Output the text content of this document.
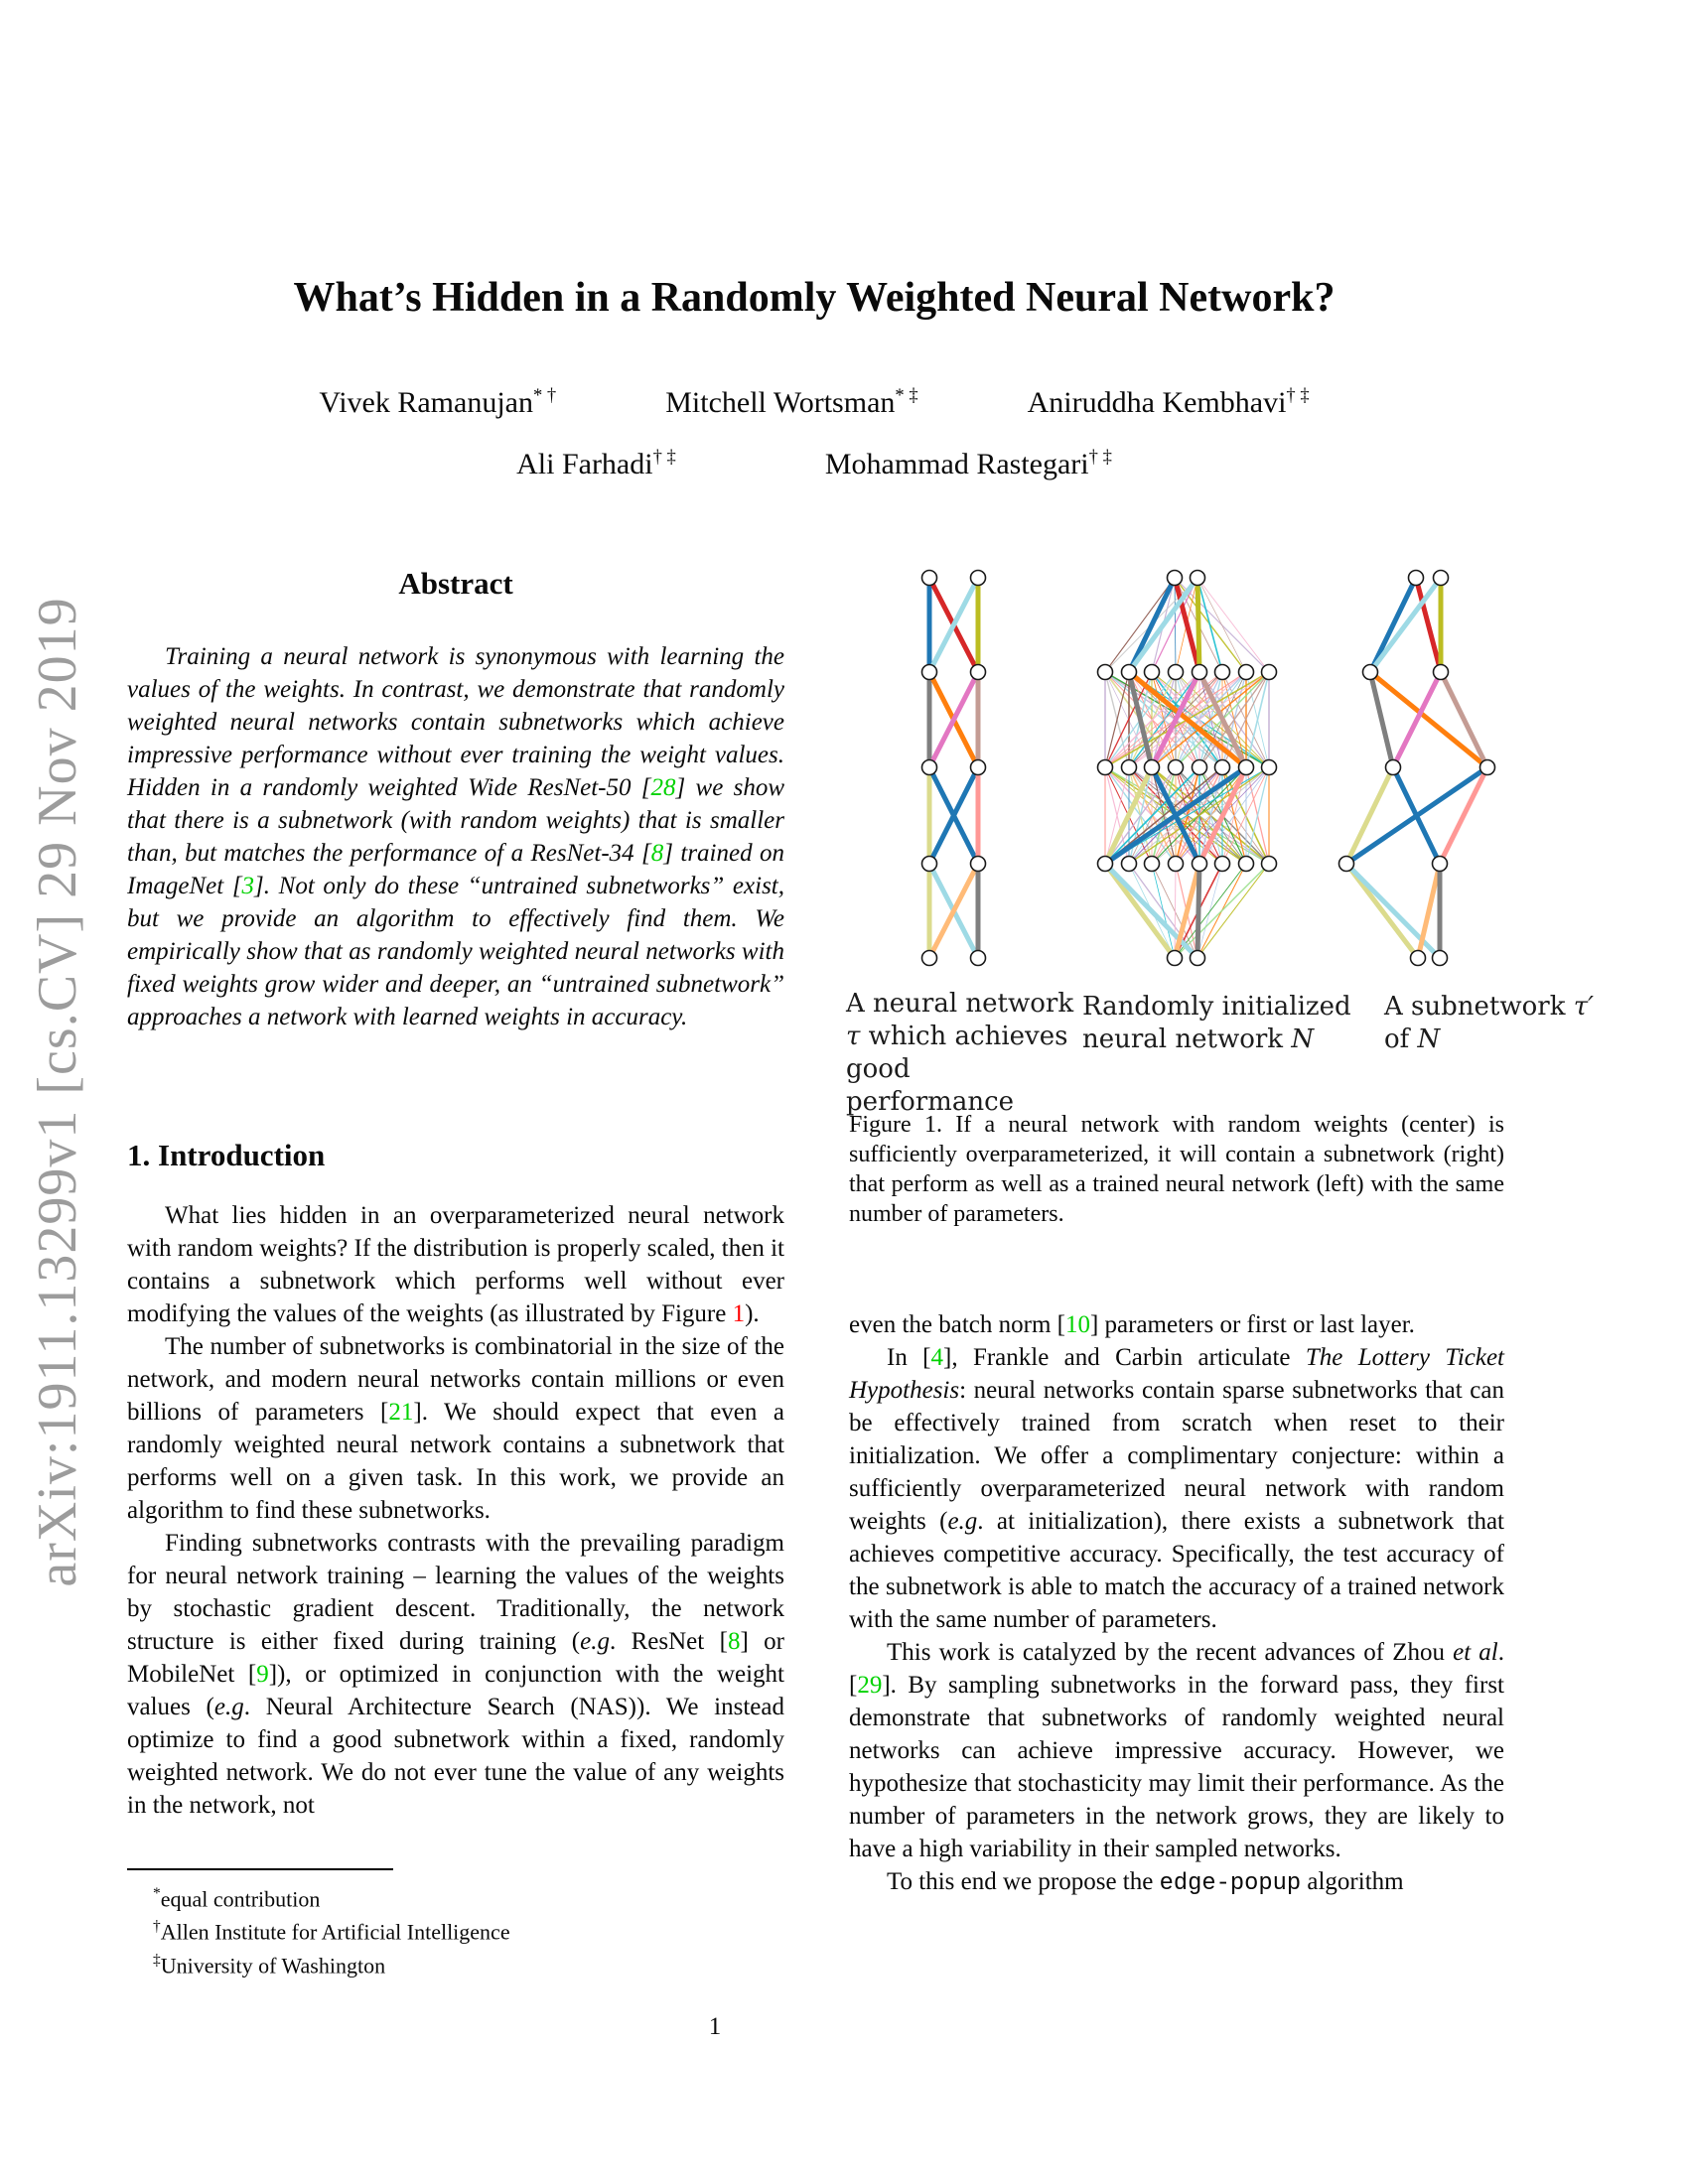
arXiv:1911.13299v1 [cs.CV] 29 Nov 2019
What’s Hidden in a Randomly Weighted Neural Network?
Vivek Ramanujan* †	Mitchell Wortsman* ‡	Aniruddha Kembhavi† ‡
Ali Farhadi† ‡	Mohammad Rastegari† ‡
Abstract
Training a neural network is synonymous with learning the values of the weights. In contrast, we demonstrate that randomly weighted neural networks contain subnetworks which achieve impressive performance without ever training the weight values. Hidden in a randomly weighted Wide ResNet-50 [28] we show that there is a subnetwork (with random weights) that is smaller than, but matches the performance of a ResNet-34 [8] trained on ImageNet [3]. Not only do these “untrained subnetworks” exist, but we provide an algorithm to effectively find them. We empirically show that as randomly weighted neural networks with fixed weights grow wider and deeper, an “untrained subnetwork” approaches a network with learned weights in accuracy.
1. Introduction

What lies hidden in an overparameterized neural network with random weights? If the distribution is properly scaled, then it contains a subnetwork which performs well without ever modifying the values of the weights (as illustrated by Figure 1).

The number of subnetworks is combinatorial in the size of the network, and modern neural networks contain millions or even billions of parameters [21]. We should expect that even a randomly weighted neural network contains a subnetwork that performs well on a given task. In this work, we provide an algorithm to find these subnetworks.

Finding subnetworks contrasts with the prevailing paradigm for neural network training – learning the values of the weights by stochastic gradient descent. Traditionally, the network structure is either fixed during training (e.g. ResNet [8] or MobileNet [9]), or optimized in conjunction with the weight values (e.g. Neural Architecture Search (NAS)). We instead optimize to find a good subnetwork within a fixed, randomly weighted network. We do not ever tune the value of any weights in the network, not

*equal contribution
†Allen Institute for Artificial Intelligence
‡University of Washington

even the batch norm [10] parameters or first or last layer.

In [4], Frankle and Carbin articulate The Lottery Ticket Hypothesis: neural networks contain sparse subnetworks that can be effectively trained from scratch when reset to their initialization. We offer a complimentary conjecture: within a sufficiently overparameterized neural network with random weights (e.g. at initialization), there exists a subnetwork that achieves competitive accuracy. Specifically, the test accuracy of the subnetwork is able to match the accuracy of a trained network with the same number of parameters.

This work is catalyzed by the recent advances of Zhou et al. [29]. By sampling subnetworks in the forward pass, they first demonstrate that subnetworks of randomly weighted neural networks can achieve impressive accuracy. However, we hypothesize that stochasticity may limit their performance. As the number of parameters in the network grows, they are likely to have a high variability in their sampled networks.

To this end we propose the edge-popup algorithm

A neural network τ which achieves good performance
Randomly initialized neural network N
A subnetwork τ′ of N
Figure 1. If a neural network with random weights (center) is sufficiently overparameterized, it will contain a subnetwork (right) that perform as well as a trained neural network (left) with the same number of parameters.
1
